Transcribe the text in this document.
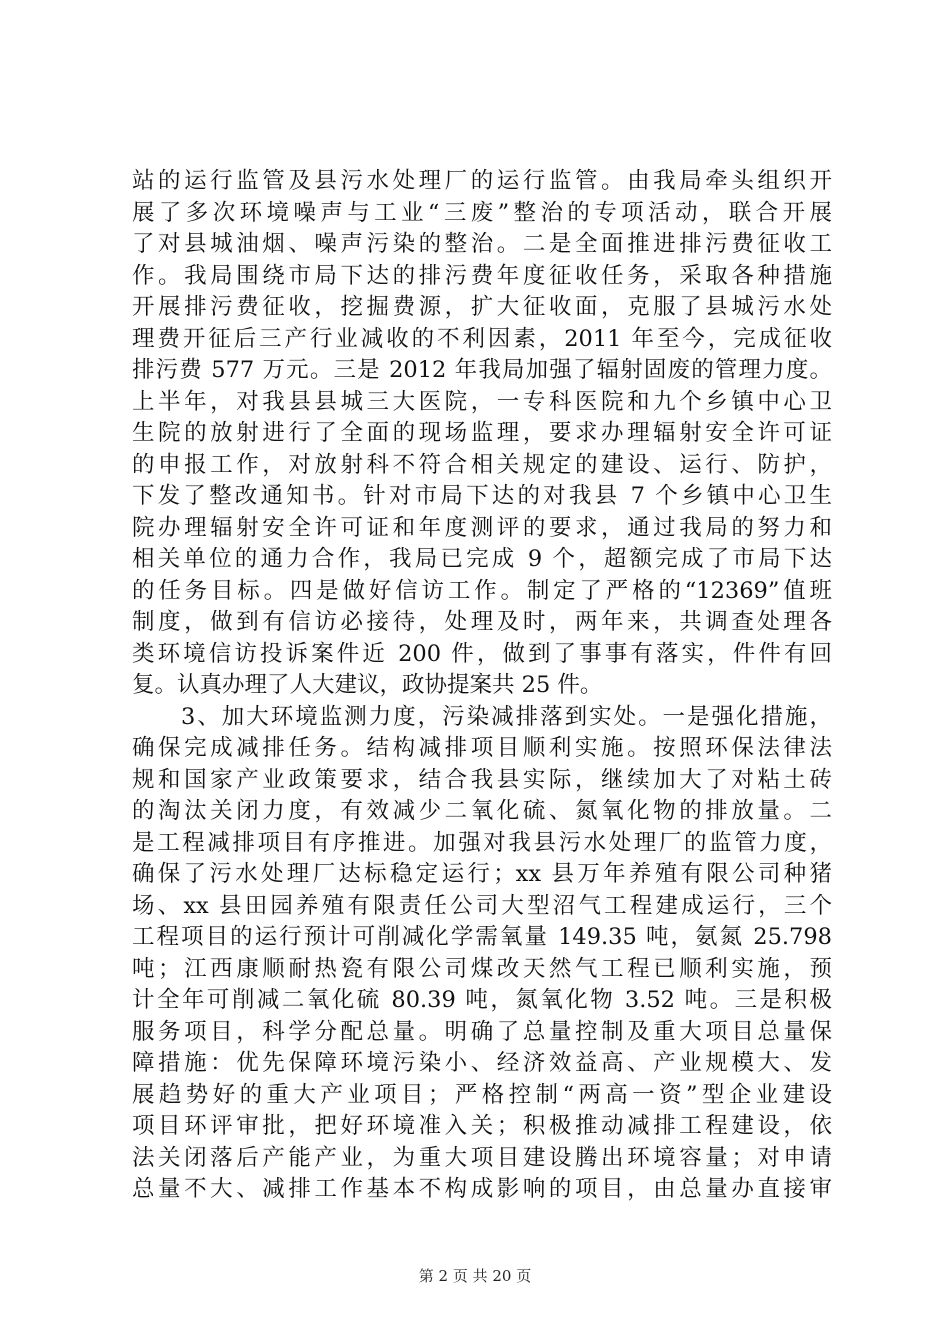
站的运行监管及县污水处理厂的运行监管。由我局牵头组织开
展了多次环境噪声与工业“三废”整治的专项活动，联合开展
了对县城油烟、噪声污染的整治。二是全面推进排污费征收工
作。我局围绕市局下达的排污费年度征收任务，采取各种措施
开展排污费征收，挖掘费源，扩大征收面，克服了县城污水处
理费开征后三产行业减收的不利因素，2011 年至今，完成征收
排污费 577 万元。三是 2012 年我局加强了辐射固废的管理力度。
上半年，对我县县城三大医院，一专科医院和九个乡镇中心卫
生院的放射进行了全面的现场监理，要求办理辐射安全许可证
的申报工作，对放射科不符合相关规定的建设、运行、防护，
下发了整改通知书。针对市局下达的对我县 7 个乡镇中心卫生
院办理辐射安全许可证和年度测评的要求，通过我局的努力和
相关单位的通力合作，我局已完成 9 个，超额完成了市局下达
的任务目标。四是做好信访工作。制定了严格的“12369”值班
制度，做到有信访必接待，处理及时，两年来，共调查处理各
类环境信访投诉案件近 200 件，做到了事事有落实，件件有回
复。认真办理了人大建议，政协提案共 25 件。
　　3、加大环境监测力度，污染减排落到实处。一是强化措施，
确保完成减排任务。结构减排项目顺利实施。按照环保法律法
规和国家产业政策要求，结合我县实际，继续加大了对粘土砖
的淘汰关闭力度，有效减少二氧化硫、氮氧化物的排放量。二
是工程减排项目有序推进。加强对我县污水处理厂的监管力度，
确保了污水处理厂达标稳定运行；xx 县万年养殖有限公司种猪
场、xx 县田园养殖有限责任公司大型沼气工程建成运行，三个
工程项目的运行预计可削减化学需氧量 149.35 吨，氨氮 25.798
吨；江西康顺耐热瓷有限公司煤改天然气工程已顺利实施，预
计全年可削减二氧化硫 80.39 吨，氮氧化物 3.52 吨。三是积极
服务项目，科学分配总量。明确了总量控制及重大项目总量保
障措施：优先保障环境污染小、经济效益高、产业规模大、发
展趋势好的重大产业项目；严格控制“两高一资”型企业建设
项目环评审批，把好环境准入关；积极推动减排工程建设，依
法关闭落后产能产业，为重大项目建设腾出环境容量；对申请
总量不大、减排工作基本不构成影响的项目，由总量办直接审
第 2 页 共 20 页
